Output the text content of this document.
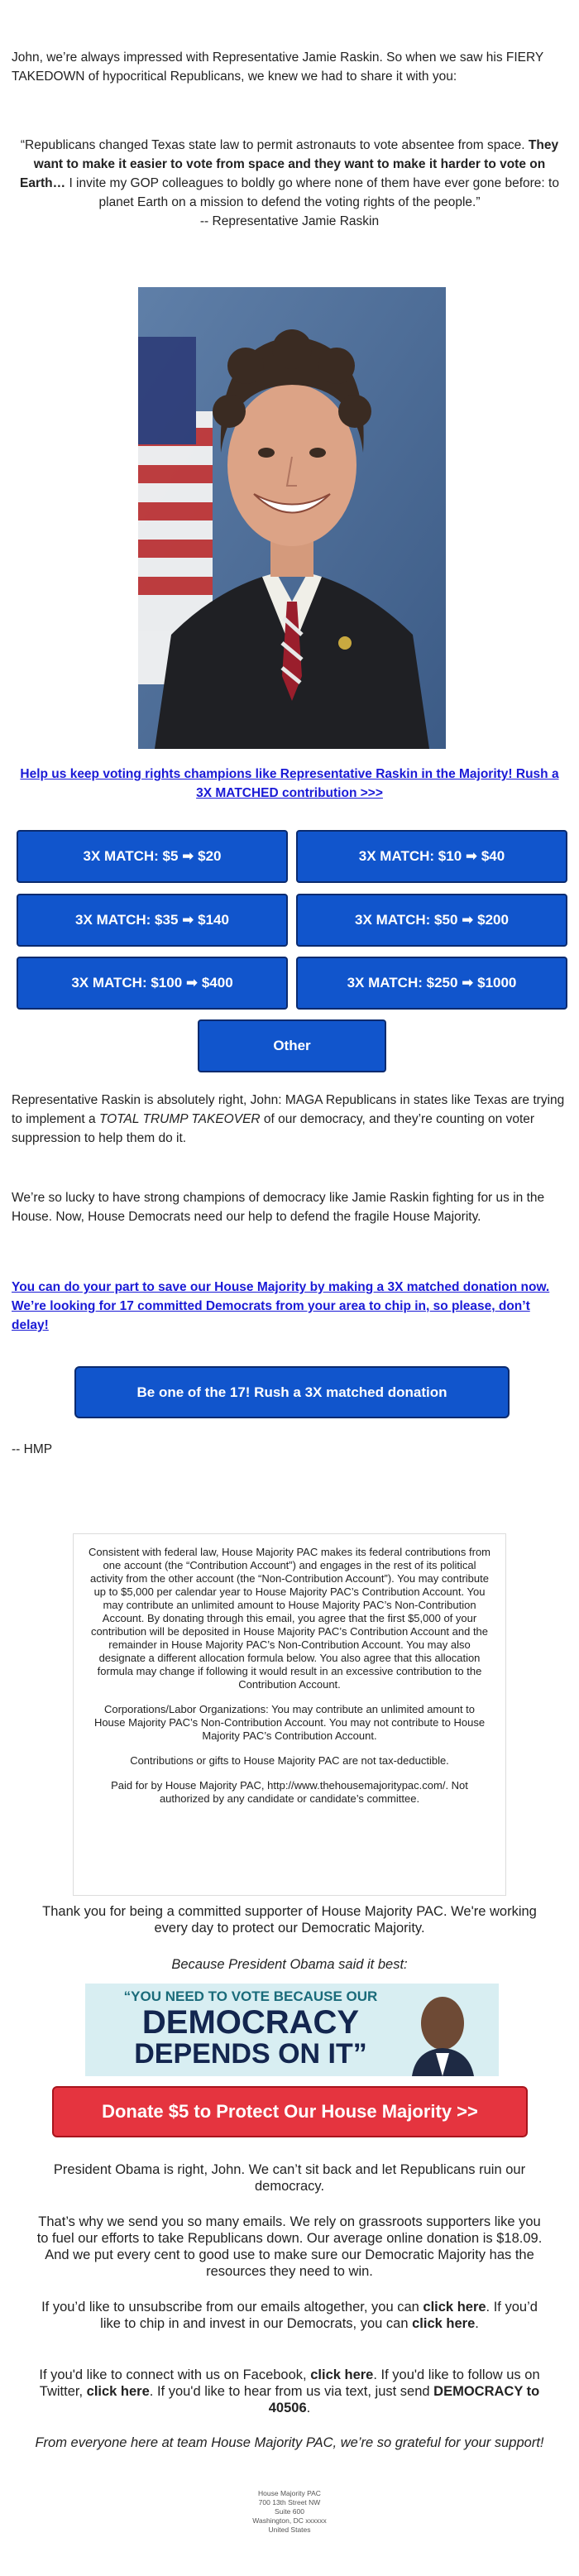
John, we’re always impressed with Representative Jamie Raskin. So when we saw his FIERY TAKEDOWN of hypocritical Republicans, we knew we had to share it with you:
“Republicans changed Texas state law to permit astronauts to vote absentee from space. They want to make it easier to vote from space and they want to make it harder to vote on Earth… I invite my GOP colleagues to boldly go where none of them have ever gone before: to planet Earth on a mission to defend the voting rights of the people.”
-- Representative Jamie Raskin
Help us keep voting rights champions like Representative Raskin in the Majority! Rush a 3X MATCHED contribution >>>
3X MATCH: $5 ➡ $20	3X MATCH: $10 ➡ $40
3X MATCH: $35 ➡ $140	3X MATCH: $50 ➡ $200
3X MATCH: $100 ➡ $400	3X MATCH: $250 ➡ $1000
Other
Representative Raskin is absolutely right, John: MAGA Republicans in states like Texas are trying to implement a TOTAL TRUMP TAKEOVER of our democracy, and they’re counting on voter suppression to help them do it.
We’re so lucky to have strong champions of democracy like Jamie Raskin fighting for us in the House. Now, House Democrats need our help to defend the fragile House Majority.
You can do your part to save our House Majority by making a 3X matched donation now. We’re looking for 17 committed Democrats from your area to chip in, so please, don’t delay!
Be one of the 17! Rush a 3X matched donation
-- HMP

Consistent with federal law, House Majority PAC makes its federal contributions from one account (the “Contribution Account”) and engages in the rest of its political activity from the other account (the “Non-Contribution Account”). You may contribute up to $5,000 per calendar year to House Majority PAC’s Contribution Account. You may contribute an unlimited amount to House Majority PAC’s Non-Contribution Account. By donating through this email, you agree that the first $5,000 of your contribution will be deposited in House Majority PAC’s Contribution Account and the remainder in House Majority PAC’s Non-Contribution Account. You may also designate a different allocation formula below. You also agree that this allocation formula may change if following it would result in an excessive contribution to the Contribution Account.

Corporations/Labor Organizations: You may contribute an unlimited amount to House Majority PAC’s Non-Contribution Account. You may not contribute to House Majority PAC’s Contribution Account.

Contributions or gifts to House Majority PAC are not tax-deductible.

Paid for by House Majority PAC, http://www.thehousemajoritypac.com/. Not authorized by any candidate or candidate’s committee.

Thank you for being a committed supporter of House Majority PAC. We're working every day to protect our Democratic Majority.
Because President Obama said it best:
“YOU NEED TO VOTE BECAUSE OUR
DEMOCRACY
DEPENDS ON IT”
Donate $5 to Protect Our House Majority >>
President Obama is right, John. We can’t sit back and let Republicans ruin our democracy.
That’s why we send you so many emails. We rely on grassroots supporters like you to fuel our efforts to take Republicans down. Our average online donation is $18.09. And we put every cent to good use to make sure our Democratic Majority has the resources they need to win.
If you’d like to unsubscribe from our emails altogether, you can click here. If you’d like to chip in and invest in our Democrats, you can click here.
If you'd like to connect with us on Facebook, click here. If you'd like to follow us on Twitter, click here. If you'd like to hear from us via text, just send DEMOCRACY to 40506.
From everyone here at team House Majority PAC, we’re so grateful for your support!
House Majority PAC
700 13th Street NW
Suite 600
Washington, DC xxxxxx
United States
